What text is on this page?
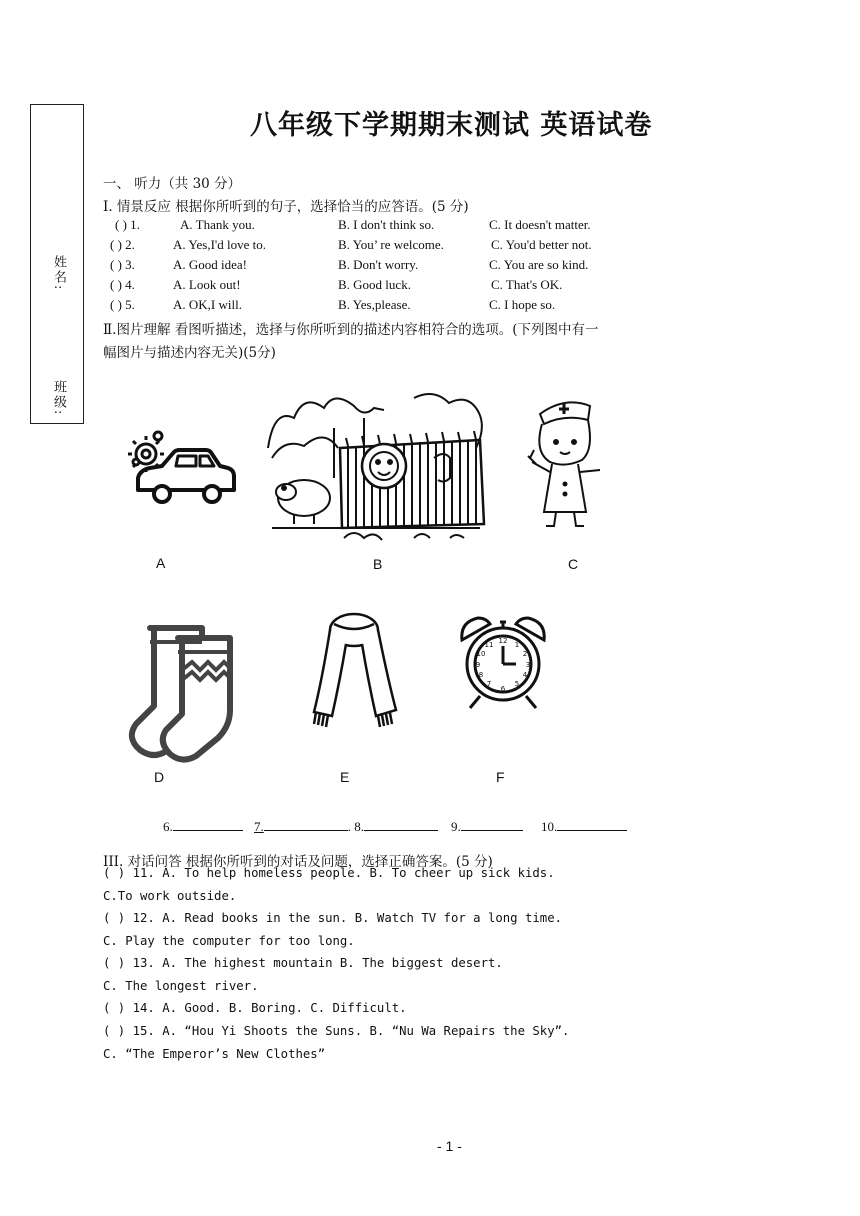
姓名:
班级:
八年级下学期期末测试 英语试卷
一、 听力（共 30 分）
I. 情景反应 根据你所听到的句子，选择恰当的应答语。(5 分)
( ) 1.	A. Thank you.	B. I don't think so.	C. It doesn't matter.
( ) 2.	A. Yes,I'd love to.	B. You’ re welcome.	C. You'd better not.
( ) 3.	A. Good idea!	B. Don't worry.	C. You are so kind.
( ) 4.	A. Look out!	B. Good luck.	C. That's OK.
( ) 5.	A. OK,I will.	B. Yes,please.	C. I hope so.
Ⅱ.图片理解 看图听描述，选择与你所听到的描述内容相符合的选项。(下列图中有一
幅图片与描述内容无关)(5分)
A	B	C
12 1
2
3
4
5
6
7
8
9
10
11
D	E	F
6.	7.	. 8.	9.	10.
III. 对话问答 根据你所听到的对话及问题，选择正确答案。(5 分)
( ) 11. A. To help homeless people. B. To cheer up sick kids.
C.To work outside.
( ) 12. A. Read books in the sun. B. Watch TV for a long time.
C. Play the computer for too long.
( ) 13. A. The highest mountain B. The biggest desert.
C. The longest river.
( ) 14. A. Good. B. Boring. C. Difficult.
( ) 15. A. “Hou Yi Shoots the Suns. B. “Nu Wa Repairs the Sky”.
C. “The Emperor’s New Clothes”
- 1 -
